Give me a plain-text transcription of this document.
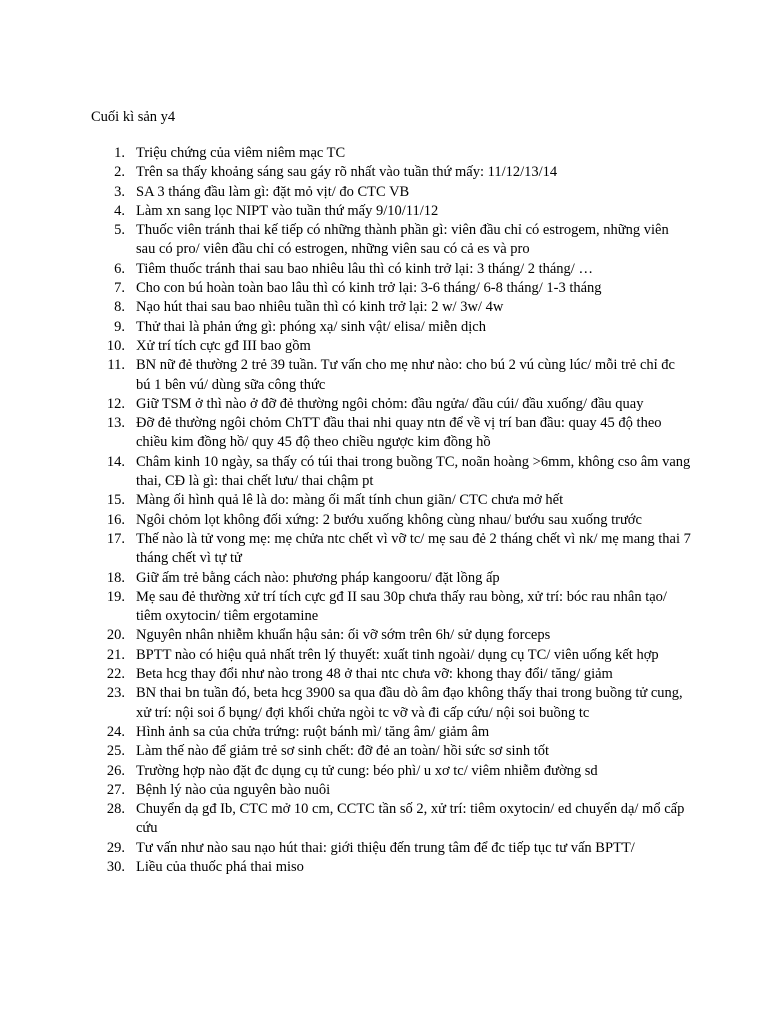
Cuối kì sản y4
1. Triệu chứng của viêm niêm mạc TC
2. Trên sa thấy khoảng sáng sau gáy rõ nhất vào tuần thứ mấy: 11/12/13/14
3. SA 3 tháng đầu làm gì: đặt mỏ vịt/ đo CTC VB
4. Làm xn sang lọc NIPT vào tuần thứ mấy 9/10/11/12
5. Thuốc viên tránh thai kế tiếp có những thành phần gì: viên đầu chỉ có estrogem, những viên sau có pro/ viên đầu chỉ có estrogen, những viên sau có cả es và pro
6. Tiêm thuốc tránh thai sau bao nhiêu lâu thì có kinh trở lại: 3 tháng/ 2 tháng/ …
7. Cho con bú hoàn toàn bao lâu thì có kinh trở lại: 3-6 tháng/ 6-8 tháng/ 1-3 tháng
8. Nạo hút thai sau bao nhiêu tuần thì có kinh trở lại: 2 w/ 3w/ 4w
9. Thử thai là phản ứng gì: phóng xạ/ sinh vật/ elisa/ miễn dịch
10. Xử trí tích cực gđ III bao gồm
11. BN nữ đẻ thường 2 trẻ 39 tuần. Tư vấn cho mẹ như nào: cho bú 2 vú cùng lúc/ mỗi trẻ chỉ đc bú 1 bên vú/ dùng sữa công thức
12. Giữ TSM ở thì nào ở đỡ đẻ thường ngôi chỏm: đầu ngửa/ đầu cúi/ đầu xuống/ đầu quay
13. Đỡ đẻ thường ngôi chỏm ChTT đầu thai nhi quay ntn để về vị trí ban đầu: quay 45 độ theo chiều kim đồng hồ/ quy 45 độ theo chiều ngược kim đồng hồ
14. Châm kinh 10 ngày, sa thấy có túi thai trong buồng TC, noãn hoàng >6mm, không cso âm vang thai, CĐ là gì: thai chết lưu/ thai chậm pt
15. Màng ối hình quả lê là do: màng ối mất tính chun giãn/ CTC chưa mở hết
16. Ngôi chỏm lọt không đối xứng: 2 bướu xuống không cùng nhau/ bướu sau xuống trước
17. Thế nào là tử vong mẹ: mẹ chửa ntc chết vì vỡ tc/ mẹ sau đẻ 2 tháng chết vì nk/ mẹ mang thai 7 tháng chết vì tự tử
18. Giữ ấm trẻ bằng cách nào: phương pháp kangooru/ đặt lồng ấp
19. Mẹ sau đẻ thường xử trí tích cực gđ II sau 30p chưa thấy rau bòng, xử trí: bóc rau nhân tạo/ tiêm oxytocin/ tiêm ergotamine
20. Nguyên nhân nhiễm khuẩn hậu sản: ối vỡ sớm trên 6h/ sử dụng forceps
21. BPTT nào có hiệu quả nhất trên lý thuyết: xuất tinh ngoài/ dụng cụ TC/ viên uống kết hợp
22. Beta hcg thay đổi như nào trong 48 ở thai ntc chưa vỡ: khong thay đổi/ tăng/ giảm
23. BN thai bn tuần đó, beta hcg 3900 sa qua đầu dò âm đạo không thấy thai trong buồng tử cung, xử trí: nội soi ổ bụng/ đợi khối chửa ngòi tc vỡ và đi cấp cứu/ nội soi buồng tc
24. Hình ảnh sa của chửa trứng: ruột bánh mì/ tăng âm/ giảm âm
25. Làm thế nào để giảm trẻ sơ sinh chết: đỡ đẻ an toàn/ hồi sức sơ sinh tốt
26. Trường hợp nào đặt đc dụng cụ tử cung: béo phì/ u xơ tc/ viêm nhiễm đường sd
27. Bệnh lý nào của nguyên bào nuôi
28. Chuyển dạ gđ Ib, CTC mở 10 cm, CCTC tần số 2, xử trí: tiêm oxytocin/ ed chuyển dạ/ mổ cấp cứu
29. Tư vấn như nào sau nạo hút thai: giới thiệu đến trung tâm để đc tiếp tục tư vấn BPTT/
30. Liều của thuốc phá thai miso
